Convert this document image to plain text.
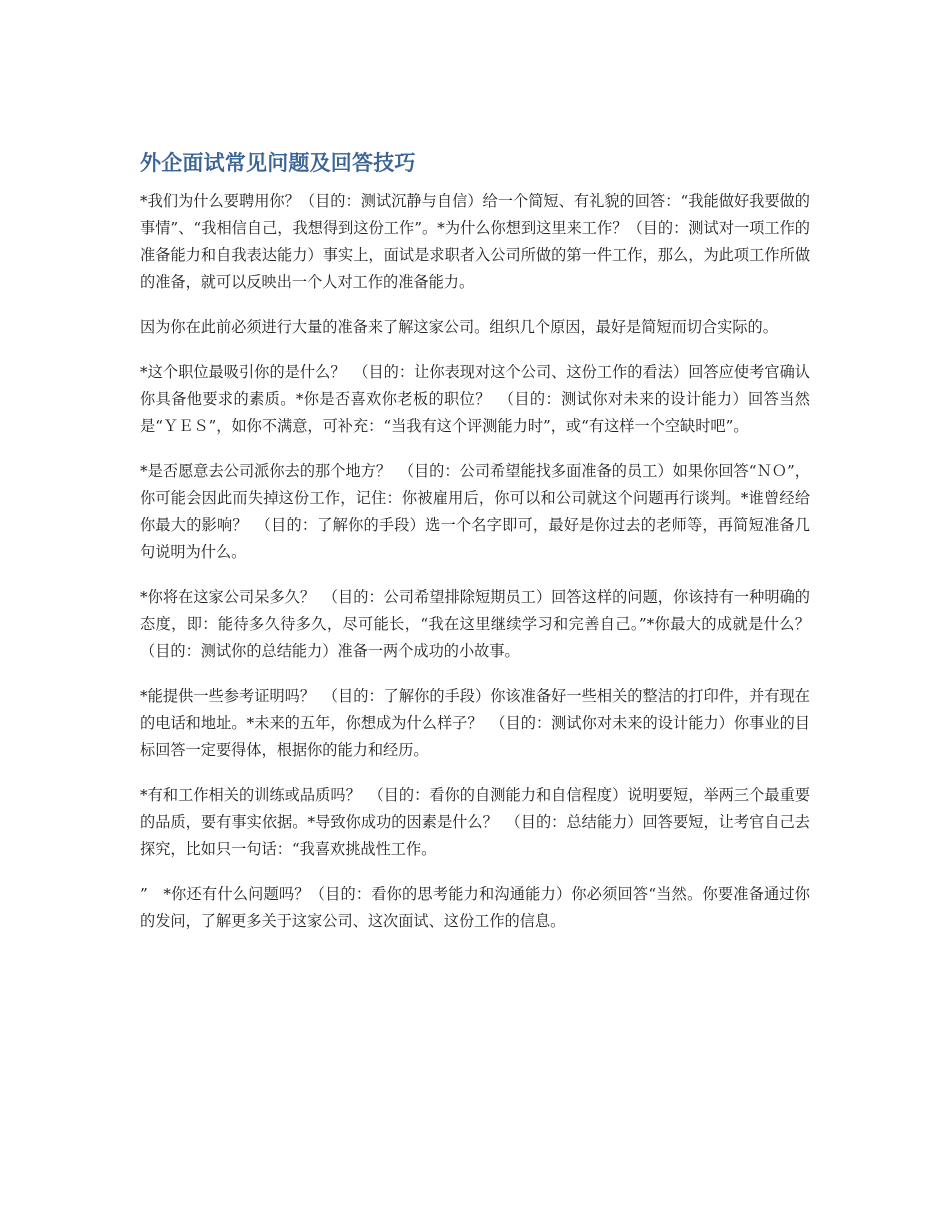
外企面试常见问题及回答技巧

*我们为什么要聘用你？（目的：测试沉静与自信）给一个简短、有礼貌的回答：“我能做好我要做的事情”、“我相信自己，我想得到这份工作”。*为什么你想到这里来工作？（目的：测试对一项工作的准备能力和自我表达能力）事实上，面试是求职者入公司所做的第一件工作，那么，为此项工作所做的准备，就可以反映出一个人对工作的准备能力。

因为你在此前必须进行大量的准备来了解这家公司。组织几个原因，最好是简短而切合实际的。

*这个职位最吸引你的是什么？　（目的：让你表现对这个公司、这份工作的看法）回答应使考官确认你具备他要求的素质。*你是否喜欢你老板的职位？　（目的：测试你对未来的设计能力）回答当然是“ＹＥＳ”，如你不满意，可补充：“当我有这个评测能力时”，或“有这样一个空缺时吧”。

*是否愿意去公司派你去的那个地方？　（目的：公司希望能找多面准备的员工）如果你回答“ＮＯ”，你可能会因此而失掉这份工作，记住：你被雇用后，你可以和公司就这个问题再行谈判。*谁曾经给你最大的影响？　（目的：了解你的手段）选一个名字即可，最好是你过去的老师等，再简短准备几句说明为什么。

*你将在这家公司呆多久？　（目的：公司希望排除短期员工）回答这样的问题，你该持有一种明确的态度，即：能待多久待多久，尽可能长，“我在这里继续学习和完善自己。”*你最大的成就是什么？　（目的：测试你的总结能力）准备一两个成功的小故事。

*能提供一些参考证明吗？　（目的：了解你的手段）你该准备好一些相关的整洁的打印件，并有现在的电话和地址。*未来的五年，你想成为什么样子？　（目的：测试你对未来的设计能力）你事业的目标回答一定要得体，根据你的能力和经历。

*有和工作相关的训练或品质吗？　（目的：看你的自测能力和自信程度）说明要短，举两三个最重要的品质，要有事实依据。*导致你成功的因素是什么？　（目的：总结能力）回答要短，让考官自己去探究，比如只一句话：“我喜欢挑战性工作。

”　*你还有什么问题吗？（目的：看你的思考能力和沟通能力）你必须回答“当然。你要准备通过你的发问，了解更多关于这家公司、这次面试、这份工作的信息。
